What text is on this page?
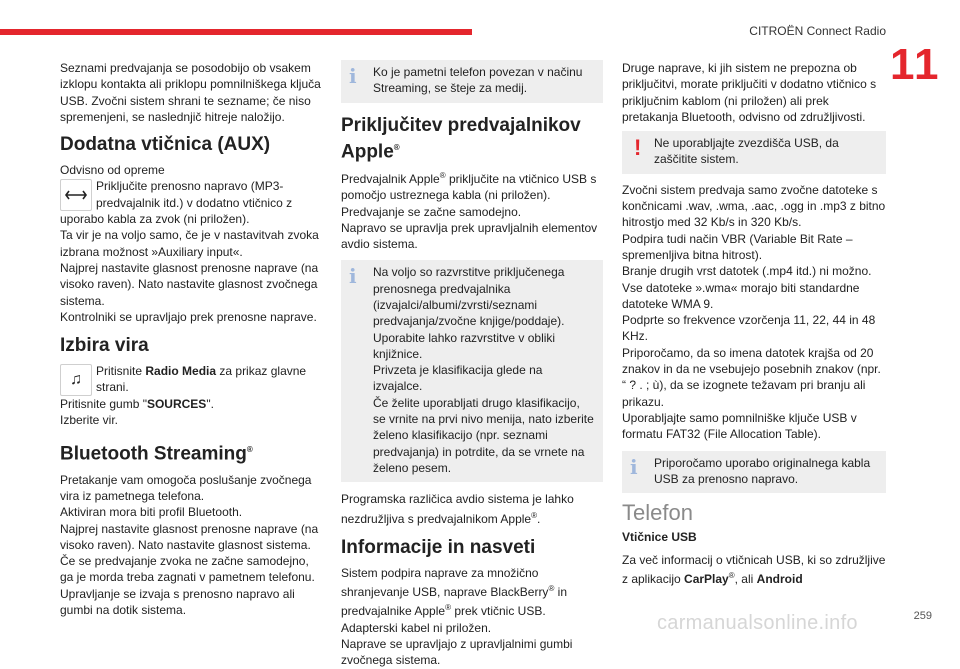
CITROËN Connect Radio
11

Seznami predvajanja se posodobijo ob vsakem izklopu kontakta ali priklopu pomnilniškega ključa USB. Zvočni sistem shrani te sezname; če niso spremenjeni, se naslednjič hitreje naložijo.

Dodatna vtičnica (AUX)

Odvisno od opreme

Priključite prenosno napravo (MP3-predvajalnik itd.) v dodatno vtičnico z

uporabo kabla za zvok (ni priložen).

Ta vir je na voljo samo, če je v nastavitvah zvoka izbrana možnost »Auxiliary input«.

Najprej nastavite glasnost prenosne naprave (na visoko raven). Nato nastavite glasnost zvočnega sistema.

Kontrolniki se upravljajo prek prenosne naprave.

Izbira vira
♫	Pritisnite Radio Media za prikaz glavne strani.

Pritisnite gumb "SOURCES".

Izberite vir.

Bluetooth Streaming®

Pretakanje vam omogoča poslušanje zvočnega vira iz pametnega telefona.

Aktiviran mora biti profil Bluetooth.

Najprej nastavite glasnost prenosne naprave (na visoko raven). Nato nastavite glasnost sistema.

Če se predvajanje zvoka ne začne samodejno, ga je morda treba zagnati v pametnem telefonu.

Upravljanje se izvaja s prenosno napravo ali gumbi na dotik sistema.

i Ko je pametni telefon povezan v načinu Streaming, se šteje za medij.

Priključitev predvajalnikov Apple®

Predvajalnik Apple® priključite na vtičnico USB s pomočjo ustreznega kabla (ni priložen).

Predvajanje se začne samodejno.

Napravo se upravlja prek upravljalnih elementov avdio sistema.

i Na voljo so razvrstitve priključenega prenosnega predvajalnika (izvajalci/albumi/zvrsti/seznami predvajanja/zvočne knjige/poddaje). Uporabite lahko razvrstitve v obliki knjižnice.

Privzeta je klasifikacija glede na izvajalce.

Če želite uporabljati drugo klasifikacijo, se vrnite na prvi nivo menija, nato izberite želeno klasifikacijo (npr. seznami predvajanja) in potrdite, da se vrnete na želeno pesem.

Programska različica avdio sistema je lahko nezdružljiva s predvajalnikom Apple®.

Informacije in nasveti

Sistem podpira naprave za množično shranjevanje USB, naprave BlackBerry® in predvajalnike Apple® prek vtičnic USB. Adapterski kabel ni priložen.

Naprave se upravljajo z upravljalnimi gumbi zvočnega sistema.

Druge naprave, ki jih sistem ne prepozna ob priključitvi, morate priključiti v dodatno vtičnico s priključnim kablom (ni priložen) ali prek pretakanja Bluetooth, odvisno od združljivosti.

! Ne uporabljajte zvezdišča USB, da zaščitite sistem.

Zvočni sistem predvaja samo zvočne datoteke s končnicami .wav, .wma, .aac, .ogg in .mp3 z bitno hitrostjo med 32 Kb/s in 320 Kb/s.

Podpira tudi način VBR (Variable Bit Rate –spremenljiva bitna hitrost).

Branje drugih vrst datotek (.mp4 itd.) ni možno.

Vse datoteke ».wma« morajo biti standardne datoteke WMA 9.

Podprte so frekvence vzorčenja 11, 22, 44 in 48 KHz.

Priporočamo, da so imena datotek krajša od 20 znakov in da ne vsebujejo posebnih znakov (npr. “ ? . ; ù), da se izognete težavam pri branju ali prikazu.

Uporabljajte samo pomnilniške ključe USB v formatu FAT32 (File Allocation Table).

i Priporočamo uporabo originalnega kabla USB za prenosno napravo.

Telefon

Vtičnice USB

Za več informacij o vtičnicah USB, ki so združljive z aplikacijo CarPlay®, ali Android

carmanualsonline.info	259
